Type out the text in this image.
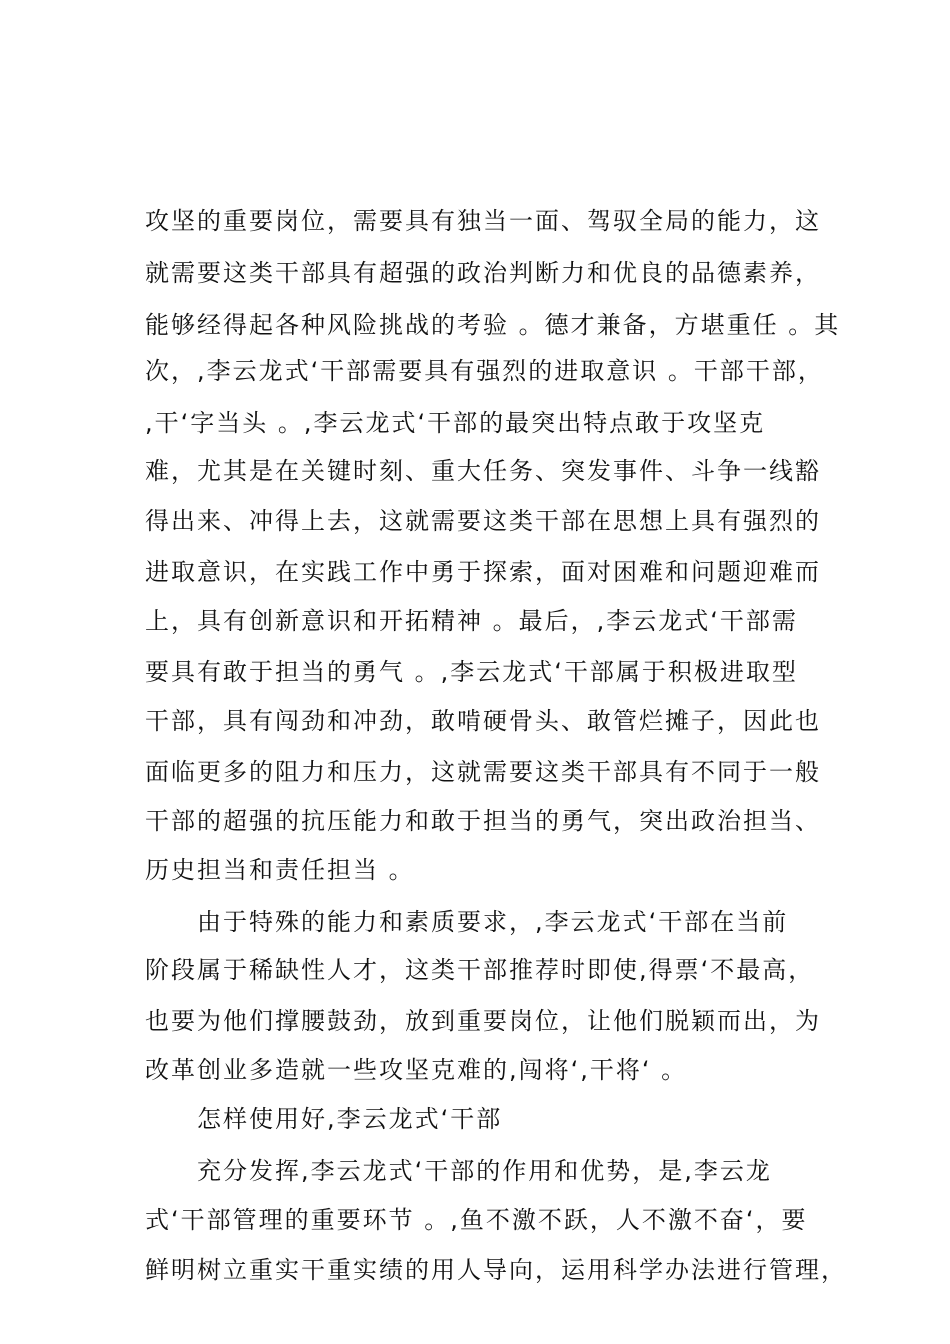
攻坚的重要岗位，需要具有独当一面、驾驭全局的能力，这

就需要这类干部具有超强的政治判断力和优良的品德素养，

能够经得起各种风险挑战的考验 。德才兼备，方堪重任 。其

次，,李云龙式‘干部需要具有强烈的进取意识 。干部干部，

,干‘字当头 。,李云龙式‘干部的最突出特点敢于攻坚克

难，尤其是在关键时刻、重大任务、突发事件、斗争一线豁

得出来、冲得上去，这就需要这类干部在思想上具有强烈的

进取意识，在实践工作中勇于探索，面对困难和问题迎难而

上，具有创新意识和开拓精神 。最后，,李云龙式‘干部需

要具有敢于担当的勇气 。,李云龙式‘干部属于积极进取型

干部，具有闯劲和冲劲，敢啃硬骨头、敢管烂摊子，因此也

面临更多的阻力和压力，这就需要这类干部具有不同于一般

干部的超强的抗压能力和敢于担当的勇气，突出政治担当、

历史担当和责任担当 。

由于特殊的能力和素质要求，,李云龙式‘干部在当前

阶段属于稀缺性人才，这类干部推荐时即使,得票‘不最高，

也要为他们撑腰鼓劲，放到重要岗位，让他们脱颖而出，为

改革创业多造就一些攻坚克难的,闯将‘,干将‘ 。

怎样使用好,李云龙式‘干部

充分发挥,李云龙式‘干部的作用和优势，是,李云龙

式‘干部管理的重要环节 。,鱼不激不跃，人不激不奋‘，要

鲜明树立重实干重实绩的用人导向，运用科学办法进行管理，
